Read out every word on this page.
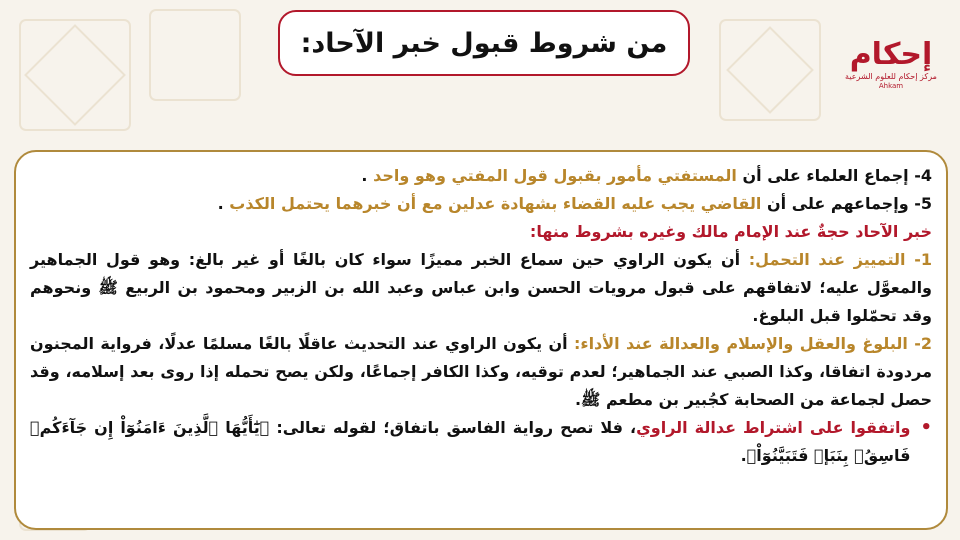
من شروط قبول خبر الآحاد:	إحكام
مركز إحكام للعلوم الشرعية
Ahkam
4- إجماع العلماء على أن المستفتي مأمور بقبول قول المفتي وهو واحد .
5- وإجماعهم على أن القاضي يجب عليه القضاء بشهادة عدلين مع أن خبرهما يحتمل الكذب .
خبر الآحاد حجةٌ عند الإمام مالك وغيره بشروط منها:
1- التمييز عند التحمل: أن يكون الراوي حين سماع الخبر مميزًا سواء كان بالغًا أو غير بالغ: وهو قول الجماهير والمعوَّل عليه؛ لاتفاقهم على قبول مرويات الحسن وابن عباس وعبد الله بن الزبير ومحمود بن الربيع ﷺ ونحوهم وقد تحمّلوا قبل البلوغ.
2- البلوغ والعقل والإسلام والعدالة عند الأداء: أن يكون الراوي عند التحديث عاقلًا بالغًا مسلمًا عدلًا، فرواية المجنون مردودة اتفاقا، وكذا الصبي عند الجماهير؛ لعدم توقيه، وكذا الكافر إجماعًا، ولكن يصح تحمله إذا روى بعد إسلامه، وقد حصل لجماعة من الصحابة كجُبير بن مطعم ﷺ.
•
واتفقوا على اشتراط عدالة الراوي، فلا تصح رواية الفاسق باتفاق؛ لقوله تعالى: ﴿يَٰٓأَيُّهَا ٱلَّذِينَ ءَامَنُوٓاْ إِن جَآءَكُمۡ فَاسِقُۢ بِنَبَإٖ فَتَبَيَّنُوٓاْ﴾.
